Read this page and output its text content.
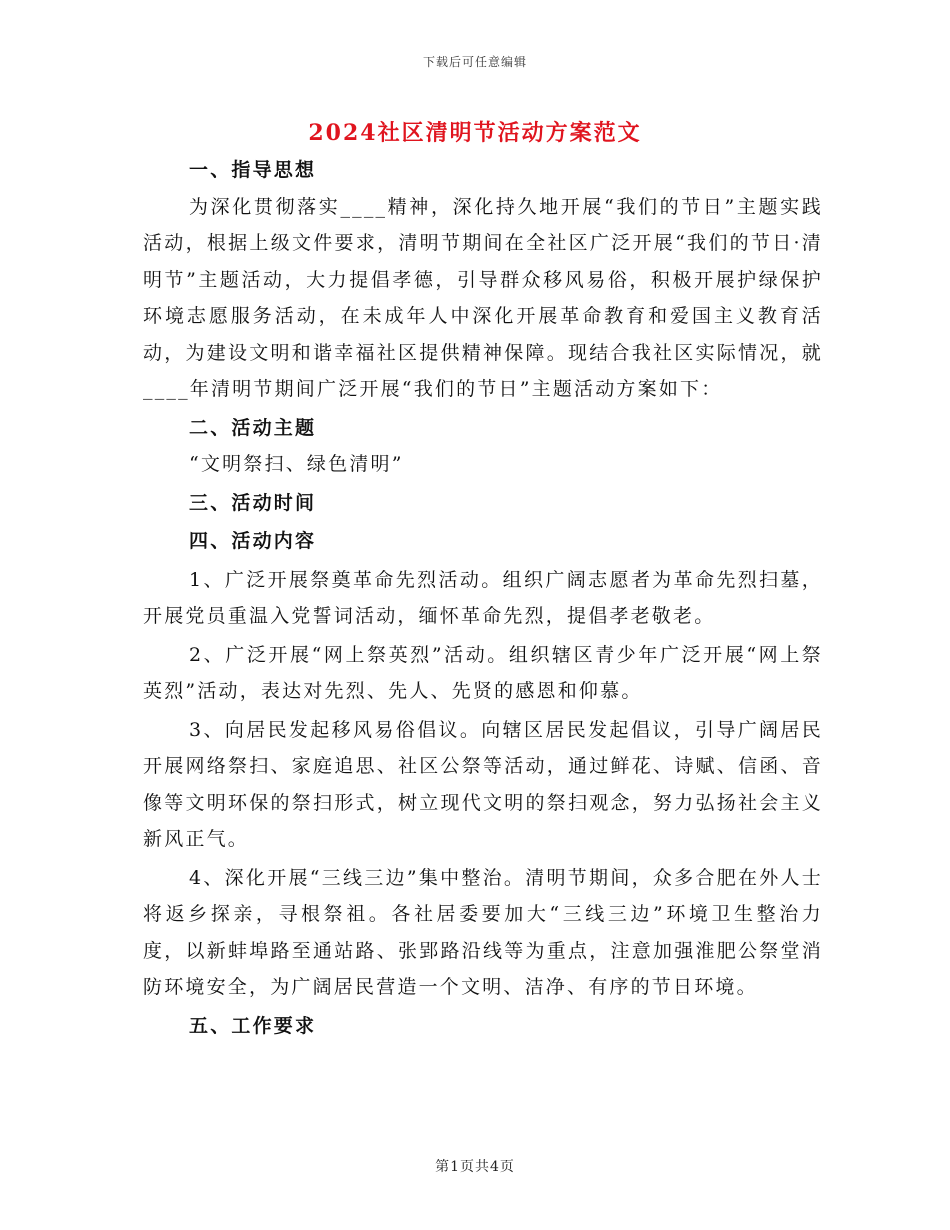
下载后可任意编辑
2024社区清明节活动方案范文

一、指导思想

为深化贯彻落实____精神，深化持久地开展“我们的节日”主题实践活动，根据上级文件要求，清明节期间在全社区广泛开展“我们的节日·清明节”主题活动，大力提倡孝德，引导群众移风易俗，积极开展护绿保护环境志愿服务活动，在未成年人中深化开展革命教育和爱国主义教育活动，为建设文明和谐幸福社区提供精神保障。现结合我社区实际情况，就____年清明节期间广泛开展“我们的节日”主题活动方案如下：

二、活动主题

“文明祭扫、绿色清明”

三、活动时间

四、活动内容

1、广泛开展祭奠革命先烈活动。组织广阔志愿者为革命先烈扫墓，开展党员重温入党誓词活动，缅怀革命先烈，提倡孝老敬老。

2、广泛开展“网上祭英烈”活动。组织辖区青少年广泛开展“网上祭英烈”活动，表达对先烈、先人、先贤的感恩和仰慕。

3、向居民发起移风易俗倡议。向辖区居民发起倡议，引导广阔居民开展网络祭扫、家庭追思、社区公祭等活动，通过鲜花、诗赋、信函、音像等文明环保的祭扫形式，树立现代文明的祭扫观念，努力弘扬社会主义新风正气。

4、深化开展“三线三边”集中整治。清明节期间，众多合肥在外人士将返乡探亲，寻根祭祖。各社居委要加大“三线三边”环境卫生整治力度，以新蚌埠路至通站路、张郢路沿线等为重点，注意加强淮肥公祭堂消防环境安全，为广阔居民营造一个文明、洁净、有序的节日环境。

五、工作要求

第1页共4页
